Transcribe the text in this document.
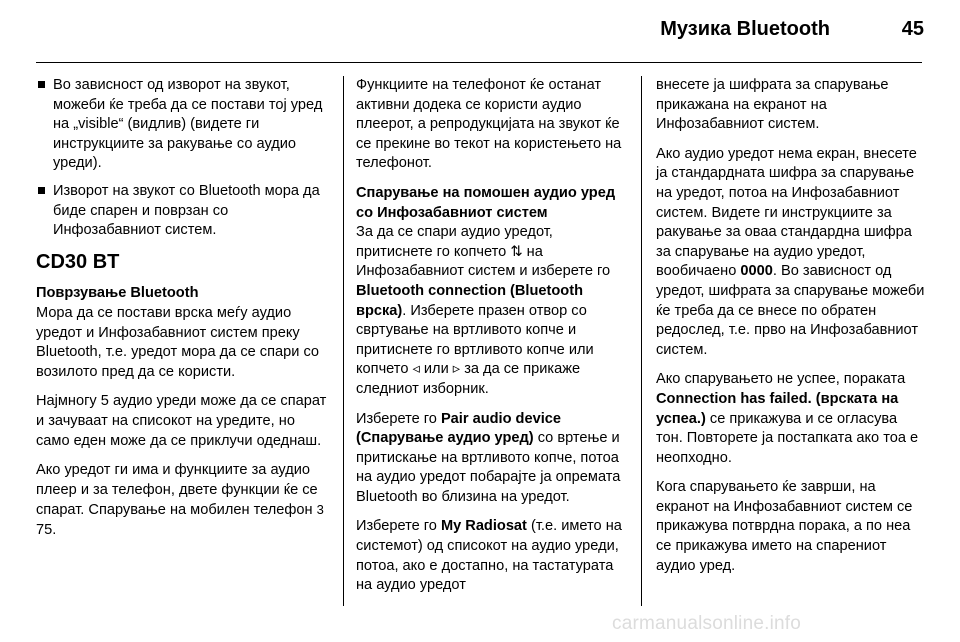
Музика Bluetooth	45
Во зависност од изворот на звукот, можеби ќе треба да се постави тој уред на „visible“ (видлив) (видете ги инструкциите за ракување со аудио уреди).
Изворот на звукот со Bluetooth мора да биде спарен и поврзан со Инфозабавниот систем.
CD30 BT
Поврзување Bluetooth

Мора да се постави врска меѓу аудио уредот и Инфозабавниот систем преку Bluetooth, т.е. уредот мора да се спари со возилото пред да се користи.

Најмногу 5 аудио уреди може да се спарат и зачуваат на списокот на уредите, но само еден може да се приклучи одеднаш.

Ако уредот ги има и функциите за аудио плеер и за телефон, двете функции ќе се спарат. Спарување на мобилен телефон 3 75.

Функциите на телефонот ќе останат активни додека се користи аудио плеерот, а репродукцијата на звукот ќе се прекине во текот на користењето на телефонот.

Спарување на помошен аудио уред со Инфозабавниот систем

За да се спари аудио уредот, притиснете го копчето ⇅ на Инфозабавниот систем и изберете го Bluetooth connection (Bluetooth врска). Изберете празен отвор со свртување на вртливото копче и притиснете го вртливото копче или копчето ◃ или ▹ за да се прикаже следниот изборник.

Изберете го Pair audio device (Спарување аудио уред) со вртење и притискање на вртливото копче, потоа на аудио уредот побарајте ја опремата Bluetooth во близина на уредот.

Изберете го My Radiosat (т.е. името на системот) од списокот на аудио уреди, потоа, ако е достапно, на тастатурата на аудио уредот

внесете ја шифрата за спарување прикажана на екранот на Инфозабавниот систем.

Ако аудио уредот нема екран, внесете ја стандардната шифра за спарување на уредот, потоа на Инфозабавниот систем. Видете ги инструкциите за ракување за оваа стандардна шифра за спарување на аудио уредот, вообичаено 0000. Во зависност од уредот, шифрата за спарување можеби ќе треба да се внесе по обратен редослед, т.е. прво на Инфозабавниот систем.

Ако спарувањето не успее, пораката Connection has failed. (врската на успеа.) се прикажува и се огласува тон. Повторете ја постапката ако тоа е неопходно.

Кога спарувањето ќе заврши, на екранот на Инфозабавниот систем се прикажува потврдна порака, а по неа се прикажува името на спарениот аудио уред.

carmanualsonline.info
